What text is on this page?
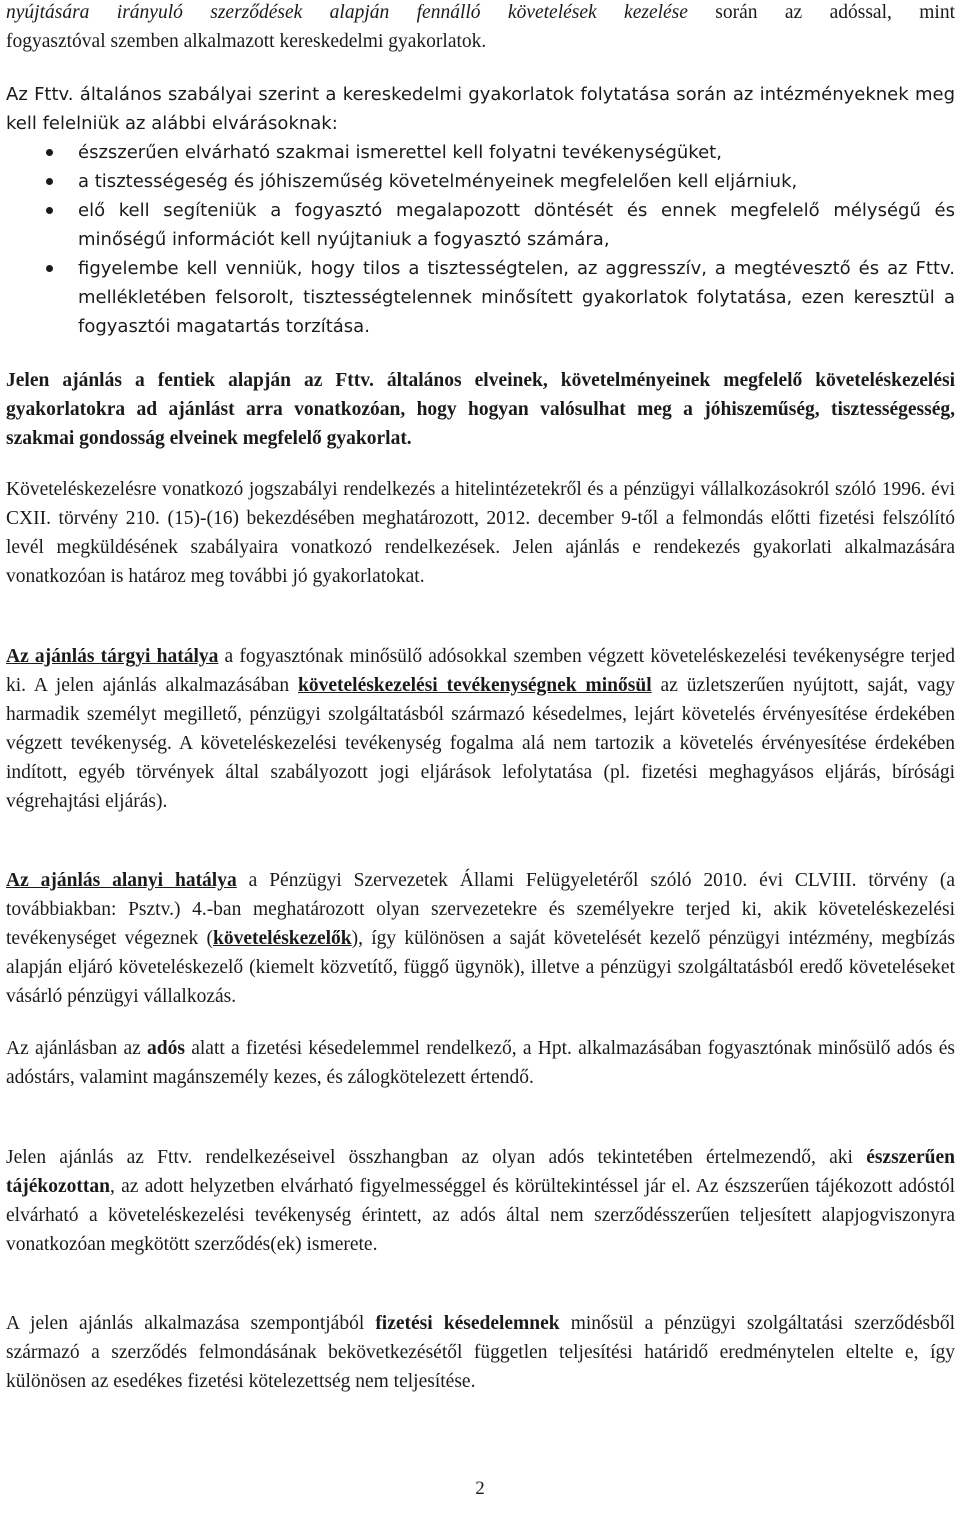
nyújtására irányuló szerződések alapján fennálló követelések kezelése során az adóssal, mint
fogyasztóval szemben alkalmazott kereskedelmi gyakorlatok.
Az Fttv. általános szabályai szerint a kereskedelmi gyakorlatok folytatása során az intézményeknek meg kell felelniük az alábbi elvárásoknak:
észszerűen elvárható szakmai ismerettel kell folyatni tevékenységüket,
a tisztességeség és jóhiszeműség követelményeinek megfelelően kell eljárniuk,
elő kell segíteniük a fogyasztó megalapozott döntését és ennek megfelelő mélységű és minőségű információt kell nyújtaniuk a fogyasztó számára,
figyelembe kell venniük, hogy tilos a tisztességtelen, az aggresszív, a megtévesztő és az Fttv. mellékletében felsorolt, tisztességtelennek minősített gyakorlatok folytatása, ezen keresztül a fogyasztói magatartás torzítása.
Jelen ajánlás a fentiek alapján az Fttv. általános elveinek, követelményeinek megfelelő követeléskezelési gyakorlatokra ad ajánlást arra vonatkozóan, hogy hogyan valósulhat meg a jóhiszeműség, tisztességesség, szakmai gondosság elveinek megfelelő gyakorlat.
Követeléskezelésre vonatkozó jogszabályi rendelkezés a hitelintézetekről és a pénzügyi vállalkozásokról szóló 1996. évi CXII. törvény 210. (15)-(16) bekezdésében meghatározott, 2012. december 9-től a felmondás előtti fizetési felszólító levél megküldésének szabályaira vonatkozó rendelkezések. Jelen ajánlás e rendekezés gyakorlati alkalmazására vonatkozóan is határoz meg további jó gyakorlatokat.
Az ajánlás tárgyi hatálya a fogyasztónak minősülő adósokkal szemben végzett követeléskezelési tevékenységre terjed ki. A jelen ajánlás alkalmazásában követeléskezelési tevékenységnek minősül az üzletszerűen nyújtott, saját, vagy harmadik személyt megillető, pénzügyi szolgáltatásból származó késedelmes, lejárt követelés érvényesítése érdekében végzett tevékenység. A követeléskezelési tevékenység fogalma alá nem tartozik a követelés érvényesítése érdekében indított, egyéb törvények által szabályozott jogi eljárások lefolytatása (pl. fizetési meghagyásos eljárás, bírósági végrehajtási eljárás).
Az ajánlás alanyi hatálya a Pénzügyi Szervezetek Állami Felügyeletéről szóló 2010. évi CLVIII. törvény (a továbbiakban: Psztv.) 4.-ban meghatározott olyan szervezetekre és személyekre terjed ki, akik követeléskezelési tevékenységet végeznek (követeléskezelők), így különösen a saját követelését kezelő pénzügyi intézmény, megbízás alapján eljáró követeléskezelő (kiemelt közvetítő, függő ügynök), illetve a pénzügyi szolgáltatásból eredő követeléseket vásárló pénzügyi vállalkozás.
Az ajánlásban az adós alatt a fizetési késedelemmel rendelkező, a Hpt. alkalmazásában fogyasztónak minősülő adós és adóstárs, valamint magánszemély kezes, és zálogkötelezett értendő.
Jelen ajánlás az Fttv. rendelkezéseivel összhangban az olyan adós tekintetében értelmezendő, aki észszerűen tájékozottan, az adott helyzetben elvárható figyelmességgel és körültekintéssel jár el. Az észszerűen tájékozott adóstól elvárható a követeléskezelési tevékenység érintett, az adós által nem szerződésszerűen teljesített alapjogviszonyra vonatkozóan megkötött szerződés(ek) ismerete.
A jelen ajánlás alkalmazása szempontjából fizetési késedelemnek minősül a pénzügyi szolgáltatási szerződésből származó a szerződés felmondásának bekövetkezésétől független teljesítési határidő eredménytelen eltelte e, így különösen az esedékes fizetési kötelezettség nem teljesítése.
2
